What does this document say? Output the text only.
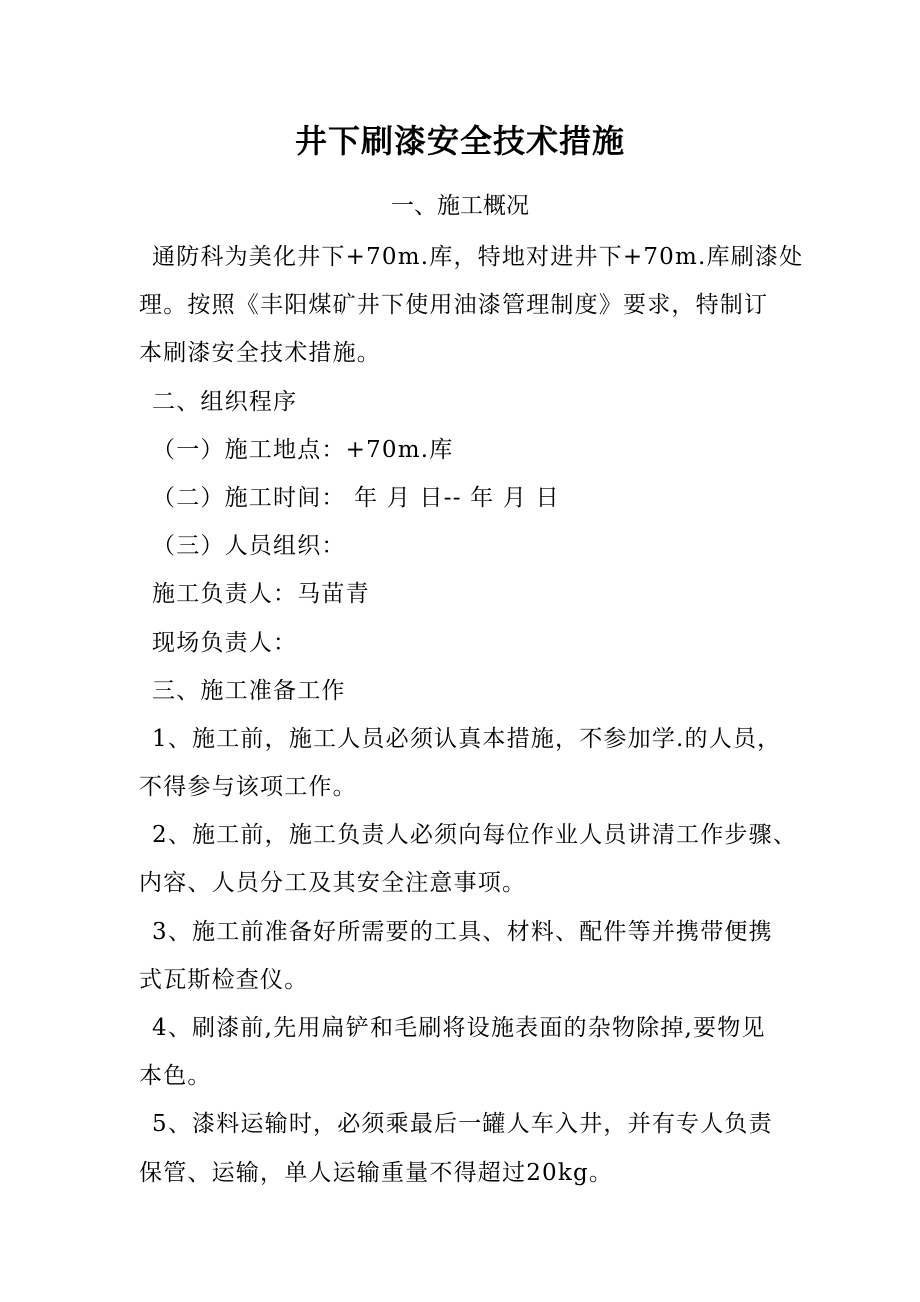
井下刷漆安全技术措施
一、施工概况
通防科为美化井下+70m.库，特地对进井下+70m.库刷漆处
理。按照《丰阳煤矿井下使用油漆管理制度》要求，特制订
本刷漆安全技术措施。
二、组织程序
（一）施工地点：+70m.库
（二）施工时间： 年 月 日-- 年 月 日
（三）人员组织：
施工负责人：马苗青
现场负责人：
三、施工准备工作
1、施工前，施工人员必须认真本措施，不参加学.的人员，
不得参与该项工作。
2、施工前，施工负责人必须向每位作业人员讲清工作步骤、
内容、人员分工及其安全注意事项。
3、施工前准备好所需要的工具、材料、配件等并携带便携
式瓦斯检查仪。
4、刷漆前,先用扁铲和毛刷将设施表面的杂物除掉,要物见
本色。
5、漆料运输时，必须乘最后一罐人车入井，并有专人负责
保管、运输，单人运输重量不得超过20kg。
